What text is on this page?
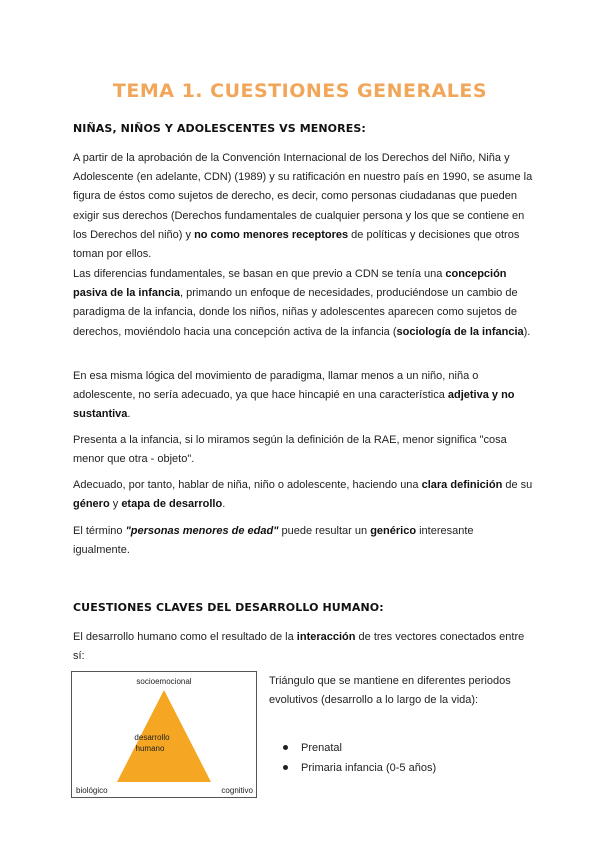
TEMA 1. CUESTIONES GENERALES
NIÑAS, NIÑOS Y ADOLESCENTES VS MENORES:
A partir de la aprobación de la Convención Internacional de los Derechos del Niño, Niña y Adolescente (en adelante, CDN) (1989) y su ratificación en nuestro país en 1990, se asume la figura de éstos como sujetos de derecho, es decir, como personas ciudadanas que pueden exigir sus derechos (Derechos fundamentales de cualquier persona y los que se contiene en los Derechos del niño) y no como menores receptores de políticas y decisiones que otros toman por ellos.
Las diferencias fundamentales, se basan en que previo a CDN se tenía una concepción pasiva de la infancia, primando un enfoque de necesidades, produciéndose un cambio de paradigma de la infancia, donde los niños, niñas y adolescentes aparecen como sujetos de derechos, moviéndolo hacia una concepción activa de la infancia (sociología de la infancia).
En esa misma lógica del movimiento de paradigma, llamar menos a un niño, niña o adolescente, no sería adecuado, ya que hace hincapié en una característica adjetiva y no sustantiva.
Presenta a la infancia, si lo miramos según la definición de la RAE, menor significa "cosa menor que otra - objeto".
Adecuado, por tanto, hablar de niña, niño o adolescente, haciendo una clara definición de su género y etapa de desarrollo.
El término "personas menores de edad" puede resultar un genérico interesante igualmente.
CUESTIONES CLAVES DEL DESARROLLO HUMANO:
El desarrollo humano como el resultado de la interacción de tres vectores conectados entre sí:
socioemocional
biológico	cognitivo
desarrollo
humano
Triángulo que se mantiene en diferentes periodos evolutivos (desarrollo a lo largo de la vida):
Prenatal
Primaria infancia (0-5 años)
